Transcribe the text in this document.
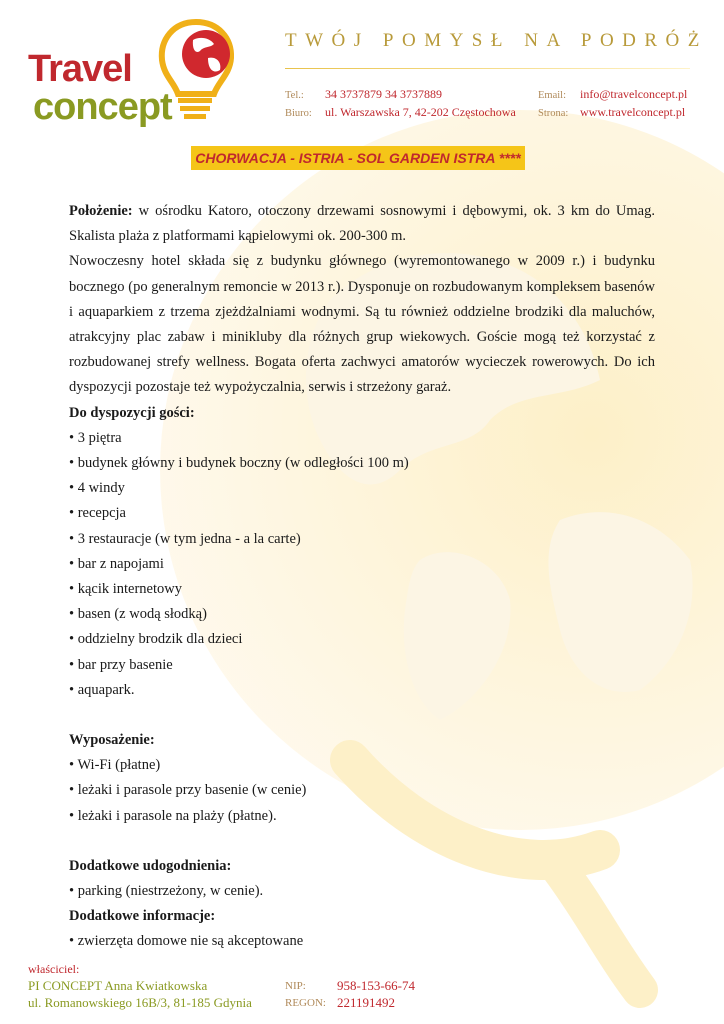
Travel
concept
TWÓJ POMYSŁ NA PODRÓŻ
Tel.: 34 3737879 34 3737889
Biuro: ul. Warszawska 7, 42-202 Częstochowa
Email: info@travelconcept.pl
Strona: www.travelconcept.pl
CHORWACJA - ISTRIA - SOL GARDEN ISTRA ****

Położenie: w ośrodku Katoro, otoczony drzewami sosnowymi i dębowymi, ok. 3 km do Umag. Skalista plaża z platformami kąpielowymi ok. 200-300 m.

Nowoczesny hotel składa się z budynku głównego (wyremontowanego w 2009 r.) i budynku bocznego (po generalnym remoncie w 2013 r.). Dysponuje on rozbudowanym kompleksem basenów i aquaparkiem z trzema zjeżdżalniami wodnymi. Są tu również oddzielne brodziki dla maluchów, atrakcyjny plac zabaw i minikluby dla różnych grup wiekowych. Goście mogą też korzystać z rozbudowanej strefy wellness. Bogata oferta zachwyci amatorów wycieczek rowerowych. Do ich dyspozycji pozostaje też wypożyczalnia, serwis i strzeżony garaż.

Do dyspozycji gości:

• 3 piętra

• budynek główny i budynek boczny (w odległości 100 m)

• 4 windy

• recepcja

• 3 restauracje (w tym jedna - a la carte)

• bar z napojami

• kącik internetowy

• basen (z wodą słodką)

• oddzielny brodzik dla dzieci

• bar przy basenie

• aquapark.

Wyposażenie:

• Wi-Fi (płatne)

• leżaki i parasole przy basenie (w cenie)

• leżaki i parasole na plaży (płatne).

Dodatkowe udogodnienia:

• parking (niestrzeżony, w cenie).

Dodatkowe informacje:

• zwierzęta domowe nie są akceptowane

właściciel:
PI CONCEPT Anna Kwiatkowska
ul. Romanowskiego 16B/3, 81-185 Gdynia
NIP: 958-153-66-74
REGON: 221191492
